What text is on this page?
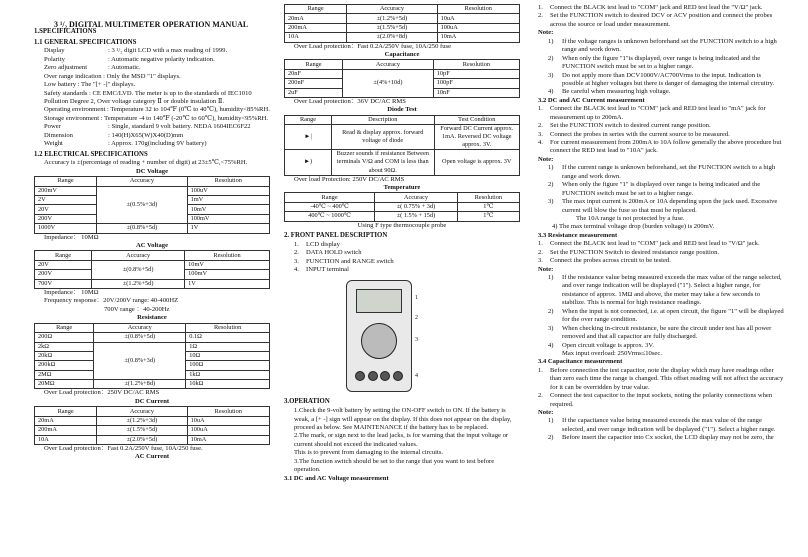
3 ¹/₂ DIGITAL MULTIMETER OPERATION MANUAL
1.SPECIFICATIONS
1.1 GENERAL SPECIFICATIONS
Display	: 3 ¹/₂ digit LCD with a max reading of 1999.
Polarity	: Automatic negative polarity indication.
Zero adjustment	: Automatic.

Over range indication : Only the MSD "1" displays.

Low battery : The "[+ -]" displays.

Safety standards : CE EMC/LVD. The meter is up to the standards of IEC1010 Pollution Degree 2, Over voltage category Ⅱ or double insulation Ⅱ.

Operating environment : Temperature 32 to 104℉ (0℃ to 40℃), humidity<85%RH.

Storage environment : Temperature -4 to 140℉ (-20℃ to 60℃), humidity<95%RH.

Power	: Single, standard 9 volt battery. NEDA 1604IEC6F22
Dimension	: 140(H)X65(W)X40(D)mm
Weight	: Approx. 170g(including 9V battery)
1.2 ELECTRICAL SPECIFICATIONS

Accuracy is ±(percentage of reading + number of digit) at 23±5℃,<75%RH.

DC Voltage
Range	Accuracy	Resolution
200mV	±(0.5%+3d)	100uV
2V		1mV
20V		10mV
200V		100mV
1000V	±(0.8%+5d)	1V

Impedance： 10MΩ

AC Voltage
Range	Accuracy	Resolution
20V	±(0.8%+5d)	10mV
200V		100mV
700V	±(1.2%+5d)	1V

Impedance： 10MΩ

Frequency response：20V/200V range: 40-400HZ

700V range ：40-200Hz

Resistance
Range	Accuracy	Resolution
200Ω	±(0.8%+5d)	0.1Ω
2kΩ	±(0.8%+3d)	1Ω
20kΩ		10Ω
200kΩ		100Ω
2MΩ		1kΩ
20MΩ	±(1.2%+8d)	10kΩ

Over Load protection：250V DC/AC RMS

DC Current
Range	Accuracy	Resolution
20mA	±(1.2%+3d)	10uA
200mA	±(1.5%+5d)	100uA
10A	±(2.0%+5d)	10mA

Over Load protection：Fast 0.2A/250V fuse, 10A/250 fuse.

AC Current
Range	Accuracy	Resolution
20mA	±(1.2%+5d)	10uA
200mA	±(1.5%+5d)	100uA
10A	±(2.0%+8d)	10mA

Over Load protection：Fast 0.2A/250V fuse, 10A/250 fuse

Capacitance
Range	Accuracy	Resolution
20nF	±(4%+10d)	10pF
200nF		100pF
2uF		10nF

Over Load protection：36V DC/AC RMS

Diode Test
Range	Description	Test Condition
►|	Read & display approx. forward voltage of diode	Forward DC Current approx. 1mA. Reversed DC voltage approx. 3V.
►)	Buzzer sounds if resistance Between terminals V/Ω and COM is less than about 90Ω.	Open voltage is approx. 3V

Over load Protection: 250V DC/AC RMS

Temperature
Range	Accuracy	Resolution
-40℃ ~ 400℃	±( 0.75% + 3d)	1℃
400℃ ~ 1000℃	±( 1.5% + 15d)	1℃

Using F type thermocouple probe

2. FRONT PANEL DESCRIPTION
1.	LCD display
2.	DATA HOLD switch
3.	FUNCTION and RANGE switch
4.	INPUT terminal
1
2
3
4
3.OPERATION

1.Check the 9-volt battery by setting the ON-OFF switch to ON. If the battery is weak, a [+ -] sign will appear on the display. If this does not appear on the display, proceed as below. See MAINTENANCE if the battery has to be replaced.

2.The mark, or sign next to the lead jacks, is for warning that the input voltage or current should not exceed the indicated values.

This is to prevent from damaging to the internal circuits.

3.The function switch should be set to the range that you want to test before operation.

3.1 DC and AC Voltage measurement
1.	Connect the BLACK test lead to "COM" jack and RED test lead the "V/Ω" jack.
2.	Set the FUNCTION switch to desired DCV or ACV position and connect the probes across the source or load under measurement.
Note:
1)	If the voltage ranges is unknown beforehand set the FUNCTION switch to a high range and work down.
2)	When only the figure "1"is displayed, over range is being indicated and the FUNCTION switch must be set to a higher range.
3)	Do not apply more than DCV1000V/AC700Vrms to the input. Indication is possible at higher voltages but there is danger of damaging the internal circuitry.
4)	Be careful when measuring high voltage.
3.2 DC and AC Current measurement
1.	Connect the BLACK test lead to "COM" jack and RED test lead to "mA" jack for measurement up to 200mA.
2.	Set the FUNCTION switch to desired current range position.
3.	Connect the probes in series with the current source to be measured.
4.	For current measurement from 200mA to 10A follow generally the above procedure but connect the RED test lead to "10A" jack.
Note:
1)	If the current range is unknown beforehand, set the FUNCTION switch to a high range and work down.
2)	When only the figure "1" is displayed over range is being indicated and the FUNCTION switch must be set to a higher range.
3)	The max input current is 200mA or 10A depending upon the jack used. Excessive current will blow the fuse so that must be replaced.

The 10A range is not protected by a fuse.

4) The max terminal voltage drop (burden voltage) is 200mV.

3.3 Resistance measurement
1.	Connect the BLACK test lead to "COM" jack and RED test lead to "V/Ω" jack.
2.	Set the FUNCTION Switch to desired resistance range position.
3.	Connect the probes across circuit to be tested.
Note:
1)	If the resistance value being measured exceeds the max value of the range selected, and over range indication will be displayed ("1"). Select a higher range, for resistance of approx. 1MΩ and above, the meter may take a few seconds to stabilize. This is normal for high resistance readings.
2)	When the input is not connected, i.e. at open circuit, the figure "1" will be displayed for the over range condition.
3)	When checking in-circuit resistance, be sure the circuit under test has all power removed and that all capacitor are fully discharged.
4)	Open circuit voltage is approx. 3V.

Max input overload: 250Vrms≤10sec.

3.4 Capacitance measurement
1.	Before connection the test capacitor, note the display which may have readings other than zero each time the range is changed. This offset reading will not affect the accuracy for it can be overridden by true value.
2.	Connect the test capacitor to the input sockets, noting the polarity connections when required.
Note:
1)	If the capacitance value being measured exceeds the max value of the range selected, and over range indication will be displayed ("1"). Select a higher range.
2)	Before insert the capacitor into Cx socket, the LCD display may not be zero, the
